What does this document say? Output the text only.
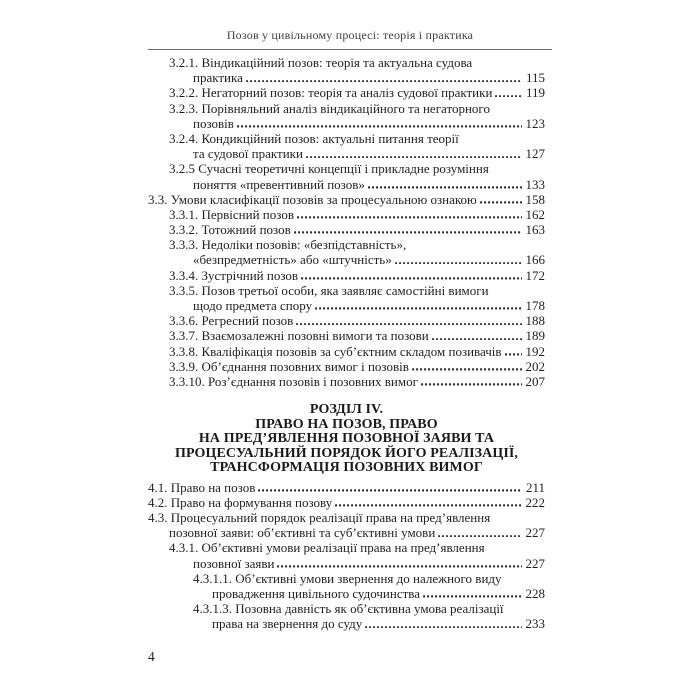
Позов у цивільному процесі: теорія і практика
3.2.1. Віндикаційний позов: теорія та актуальна судова
практика	115
3.2.2. Негаторний позов: теорія та аналіз судової практики	119
3.2.3. Порівняльний аналіз віндикаційного та негаторного
позовів	123
3.2.4. Кондикційний позов: актуальні питання теорії
та судової практики	127
3.2.5 Сучасні теоретичні концепції і прикладне розуміння
поняття «превентивний позов»	133
3.3. Умови класифікації позовів за процесуальною ознакою	158
3.3.1. Первісний позов	162
3.3.2. Тотожний позов	163
3.3.3. Недоліки позовів: «безпідставність»,
«безпредметність» або «штучність»	166
3.3.4. Зустрічний позов	172
3.3.5. Позов третьої особи, яка заявляє самостійні вимоги
щодо предмета спору	178
3.3.6. Регресний позов	188
3.3.7. Взаємозалежні позовні вимоги та позови	189
3.3.8. Кваліфікація позовів за суб’єктним складом позивачів 192
3.3.9. Об’єднання позовних вимог і позовів	202
3.3.10. Роз’єднання позовів і позовних вимог	207
РОЗДІЛ IV.
ПРАВО НА ПОЗОВ, ПРАВО
НА ПРЕД’ЯВЛЕННЯ ПОЗОВНОЇ ЗАЯВИ ТА
ПРОЦЕСУАЛЬНИЙ ПОРЯДОК ЙОГО РЕАЛІЗАЦІЇ,
ТРАНСФОРМАЦІЯ ПОЗОВНИХ ВИМОГ
4.1. Право на позов	211
4.2. Право на формування позову	222
4.3. Процесуальний порядок реалізації права на пред’явлення
позовної заяви: об’єктивні та суб’єктивні умови	227
4.3.1. Об’єктивні умови реалізації права на пред’явлення
позовної заяви	227
4.3.1.1. Об’єктивні умови звернення до належного виду
провадження цивільного судочинства	228
4.3.1.3. Позовна давність як об’єктивна умова реалізації
права на звернення до суду	233
4
